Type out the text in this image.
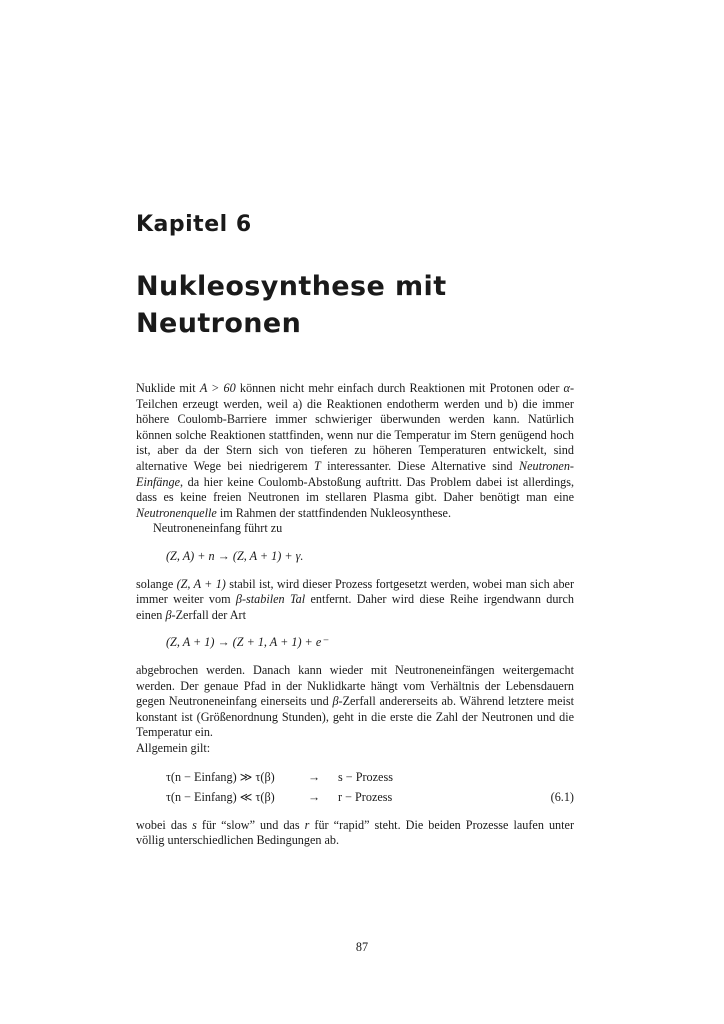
Kapitel 6
Nukleosynthese mit
Neutronen

Nuklide mit A > 60 können nicht mehr einfach durch Reaktionen mit Protonen oder α-Teilchen erzeugt werden, weil a) die Reaktionen endotherm werden und b) die immer höhere Coulomb-Barriere immer schwieriger überwunden werden kann. Natürlich können solche Reaktionen stattfinden, wenn nur die Temperatur im Stern genügend hoch ist, aber da der Stern sich von tieferen zu höheren Temperaturen entwickelt, sind alternative Wege bei niedrigerem T interessanter. Diese Alternative sind Neutronen-Einfänge, da hier keine Coulomb-Abstoßung auftritt. Das Problem dabei ist allerdings, dass es keine freien Neutronen im stellaren Plasma gibt. Daher benötigt man eine Neutronenquelle im Rahmen der stattfindenden Nukleosynthese.

Neutroneneinfang führt zu

(Z, A) + n → (Z, A + 1) + γ.

solange (Z, A + 1) stabil ist, wird dieser Prozess fortgesetzt werden, wobei man sich aber immer weiter vom β-stabilen Tal entfernt. Daher wird diese Reihe irgendwann durch einen β-Zerfall der Art

(Z, A + 1) → (Z + 1, A + 1) + e⁻

abgebrochen werden. Danach kann wieder mit Neutroneneinfängen weitergemacht werden. Der genaue Pfad in der Nuklidkarte hängt vom Verhältnis der Lebensdauern gegen Neutroneneinfang einerseits und β-Zerfall andererseits ab. Während letztere meist konstant ist (Größenordnung Stunden), geht in die erste die Zahl der Neutronen und die Temperatur ein.

Allgemein gilt:

τ(n − Einfang) ≫ τ(β)	→	s − Prozess	
τ(n − Einfang) ≪ τ(β)	→	r − Prozess	(6.1)

wobei das s für “slow” und das r für “rapid” steht. Die beiden Prozesse laufen unter völlig unterschiedlichen Bedingungen ab.

87
